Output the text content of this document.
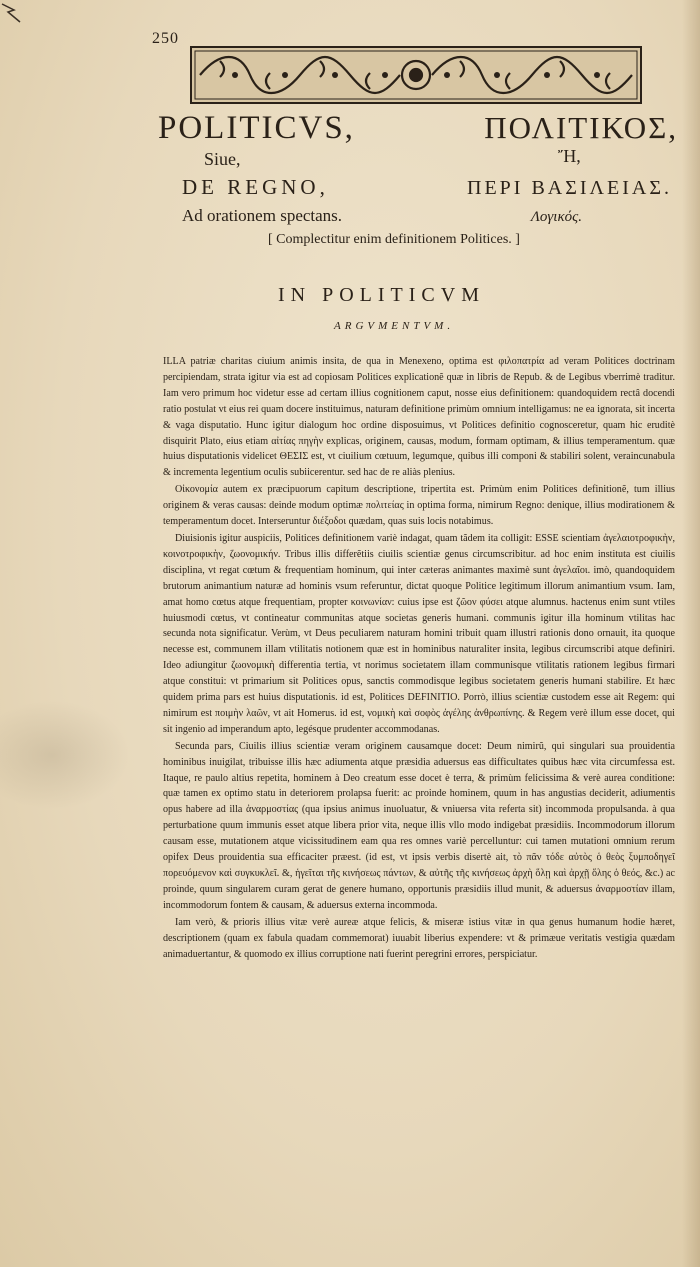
250
POLITICVS,	ΠΟΛΙΤΙΚΟΣ,
Siue,	Ἤ,
DE REGNO,	ΠΕΡΙ ΒΑΣΙΛΕΙΑΣ.
Ad orationem spectans.	Λογικός.
[ Complectitur enim definitionem Politices. ]
IN POLITICVM
ARGVMENTVM.

ILLA patriæ charitas ciuium animis insita, de qua in Menexeno, optima est φιλοπατρία ad veram Politices doctrinam percipiendam, strata igitur via est ad copiosam Politices explicationẽ quæ in libris de Repub. & de Legibus vberrimè traditur. Iam vero primum hoc videtur esse ad certam illius cognitionem caput, nosse eius definitionem: quandoquidem rectâ docendi ratio postulat vt eius rei quam docere instituimus, naturam definitione primùm omnium intelligamus: ne ea ignorata, sit incerta & vaga disputatio. Hunc igitur dialogum hoc ordine disposuimus, vt Politices definitio cognosceretur, quam hic eruditè disquirit Plato, eius etiam αἰτίας πηγὴν explicas, originem, causas, modum, formam optimam, & illius temperamentum. quæ huius disputationis videlicet ΘΕΣΙΣ est, vt ciuilium cœtuum, legumque, quibus illi componi & stabiliri solent, veraincunabula & incrementa legentium oculis subiicerentur. sed hac de re aliàs plenius.

Οἰκονομία autem ex præcipuorum capitum descriptione, tripertita est. Primùm enim Politices definitionẽ, tum illius originem & veras causas: deinde modum optimæ πολιτείας in optima forma, nimirum Regno: denique, illius modirationem & temperamentum docet. Interseruntur διέξοδοι quædam, quas suis locis notabimus.

Diuisionis igitur auspiciis, Politices definitionem variè indagat, quam tãdem ita colligit: ESSE scientiam ἀγελαιοτροφικὴν, κοινοτροφικὴν, ζωονομικήν. Tribus illis differẽtiis ciuilis scientiæ genus circumscribitur. ad hoc enim instituta est ciuilis disciplina, vt regat cœtum & frequentiam hominum, qui inter cæteras animantes maximè sunt ἀγελαῖοι. imò, quandoquidem brutorum animantium naturæ ad hominis vsum referuntur, dictat quoque Politice legitimum illorum animantium vsum. Iam, amat homo cœtus atque frequentiam, propter κοινωνίαν: cuius ipse est ζῶον φύσει atque alumnus. hactenus enim sunt vtiles huiusmodi cœtus, vt contineatur communitas atque societas generis humani. communis igitur illa hominum vtilitas hac secunda nota significatur. Verùm, vt Deus peculiarem naturam homini tribuit quam illustri rationis dono ornauit, ita quoque necesse est, communem illam vtilitatis notionem quæ est in hominibus naturaliter insita, legibus circumscribi atque definiri. Ideo adiungitur ζωονομικὴ differentia tertia, vt norimus societatem illam communisque vtilitatis rationem legibus firmari atque constitui: vt primarium sit Politices opus, sanctis commodisque legibus societatem generis humani stabilire. Et hæc quidem prima pars est huius disputationis. id est, Politices DEFINITIO. Porrò, illius scientiæ custodem esse ait Regem: qui nimirum est ποιμὴν λαῶν, vt ait Homerus. id est, νομικὴ καὶ σοφὸς ἀγέλης ἀνθρωπίνης. & Regem verè illum esse docet, qui sit ingenio ad imperandum apto, legésque prudenter accommodanas.

Secunda pars, Ciuilis illius scientiæ veram originem causamque docet: Deum nimirũ, qui singulari sua prouidentia hominibus inuigilat, tribuisse illis hæc adiumenta atque præsidia aduersus eas difficultates quibus hæc vita circumfessa est. Itaque, re paulo altius repetita, hominem à Deo creatum esse docet è terra, & primùm felicissima & verè aurea conditione: quæ tamen ex optimo statu in deteriorem prolapsa fuerit: ac proinde hominem, quum in has angustias deciderit, adiumentis opus habere ad illa ἀναρμοστίας (qua ipsius animus inuoluatur, & vniuersa vita referta sit) incommoda propulsanda. à qua perturbatione quum immunis esset atque libera prior vita, neque illis vllo modo indigebat præsidiis. Incommodorum illorum causam esse, mutationem atque vicissitudinem eam qua res omnes variè percelluntur: cui tamen mutationi omnium rerum opifex Deus prouidentia sua efficaciter præest. (id est, vt ipsis verbis disertè ait, τὸ πᾶν τόδε αὐτὸς ὁ θεὸς ξυμποδηγεῖ πορευόμενον καὶ συγκυκλεῖ. &, ἡγεῖται τῆς κινήσεως πάντων, & αὐτῆς τῆς κινήσεως ἀρχὴ ὅλῃ καὶ ἀρχῇ ὅλης ὁ θεός, &c.) ac proinde, quum singularem curam gerat de genere humano, opportunis præsidiis illud munit, & aduersus ἀναρμοστίαν illam, incommodorum fontem & causam, & aduersus externa incommoda.

Iam verò, & prioris illius vitæ verè aureæ atque felicis, & miseræ istius vitæ in qua genus humanum hodie hæret, descriptionem (quam ex fabula quadam commemorat) iuuabit liberius expendere: vt & primæue veritatis vestigia quædam animaduertantur, & quomodo ex illius corruptione nati fuerint peregrini errores, perspiciatur.
